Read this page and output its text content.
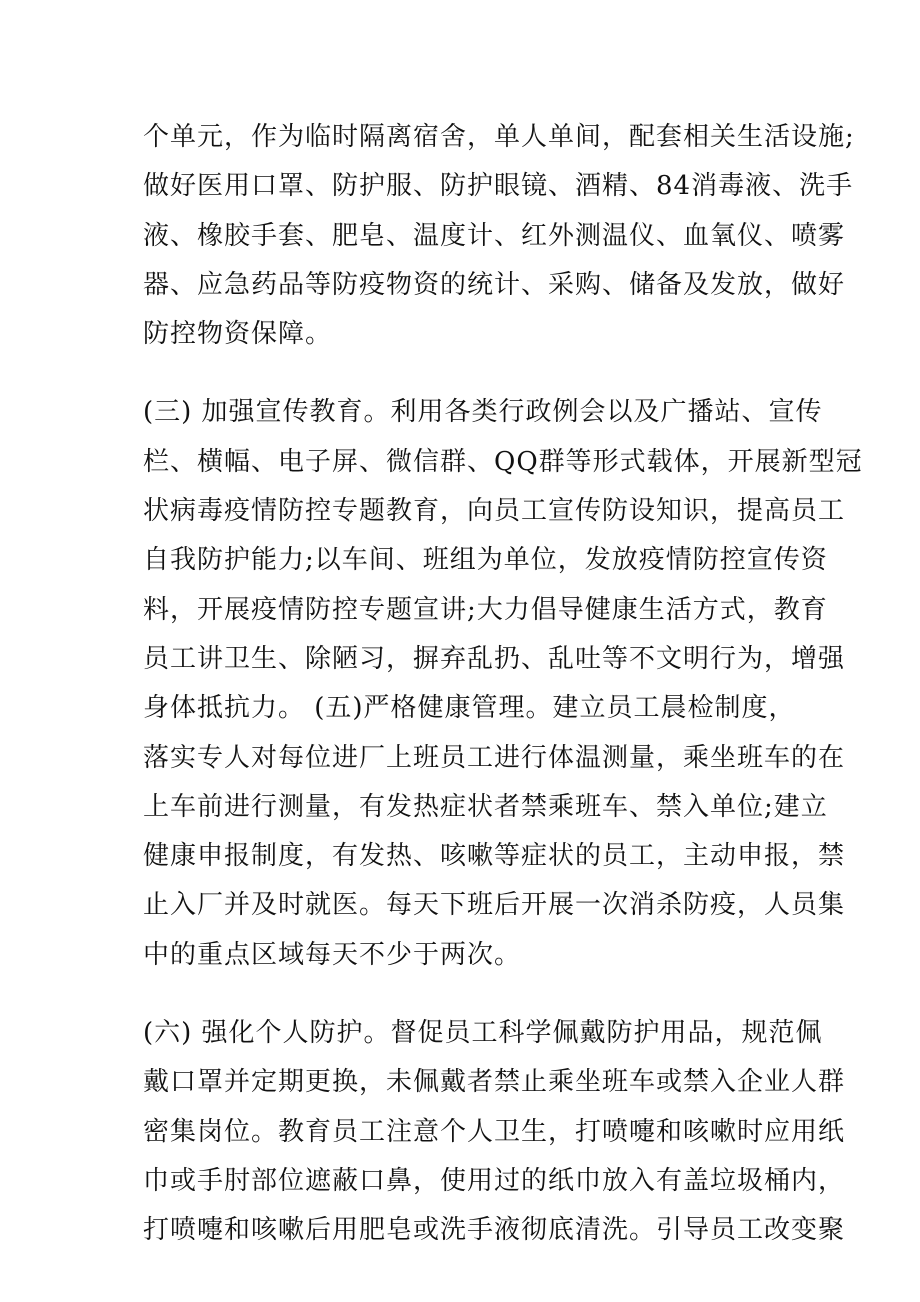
个单元，作为临时隔离宿舍，单人单间，配套相关生活设施;
做好医用口罩、防护服、防护眼镜、酒精、84消毒液、洗手
液、橡胶手套、肥皂、温度计、红外测温仪、血氧仪、喷雾
器、应急药品等防疫物资的统计、采购、储备及发放，做好
防控物资保障。
(三) 加强宣传教育。利用各类行政例会以及广播站、宣传
栏、横幅、电子屏、微信群、QQ群等形式载体，开展新型冠
状病毒疫情防控专题教育，向员工宣传防设知识，提高员工
自我防护能力;以车间、班组为单位，发放疫情防控宣传资
料，开展疫情防控专题宣讲;大力倡导健康生活方式，教育
员工讲卫生、除陋习，摒弃乱扔、乱吐等不文明行为，增强
身体抵抗力。 (五)严格健康管理。建立员工晨检制度，
落实专人对每位进厂上班员工进行体温测量，乘坐班车的在
上车前进行测量，有发热症状者禁乘班车、禁入单位;建立
健康申报制度，有发热、咳嗽等症状的员工，主动申报，禁
止入厂并及时就医。每天下班后开展一次消杀防疫，人员集
中的重点区域每天不少于两次。
(六) 强化个人防护。督促员工科学佩戴防护用品，规范佩
戴口罩并定期更换，未佩戴者禁止乘坐班车或禁入企业人群
密集岗位。教育员工注意个人卫生，打喷嚏和咳嗽时应用纸
巾或手肘部位遮蔽口鼻，使用过的纸巾放入有盖垃圾桶内，
打喷嚏和咳嗽后用肥皂或洗手液彻底清洗。引导员工改变聚
